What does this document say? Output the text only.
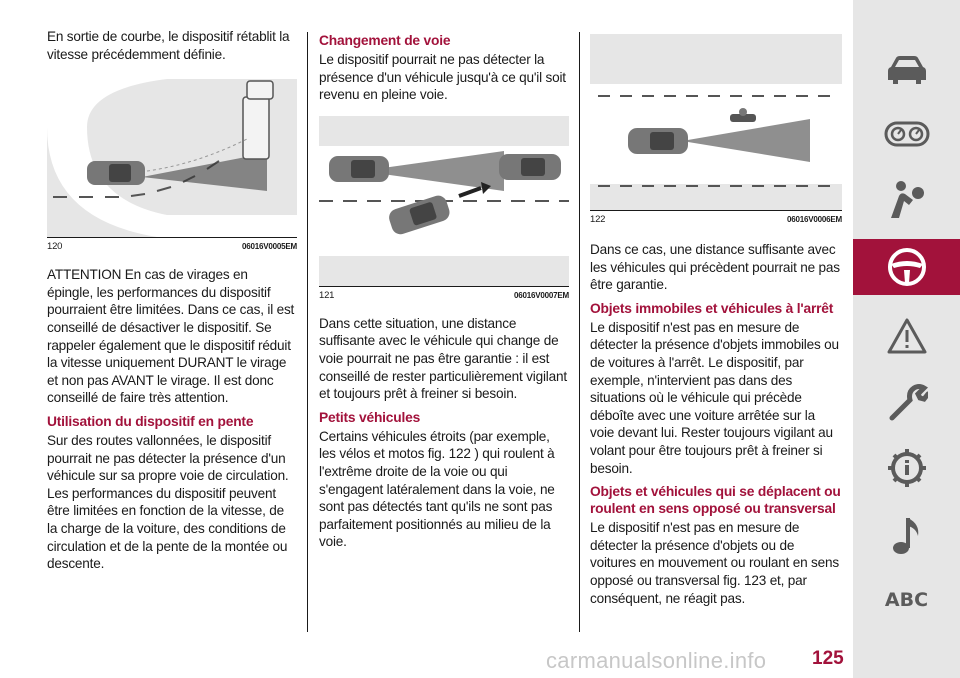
En sortie de courbe, le dispositif rétablit la vitesse précédemment définie.

120	06016V0005EM

ATTENTION En cas de virages en épingle, les performances du dispositif pourraient être limitées. Dans ce cas, il est conseillé de désactiver le dispositif. Se rappeler également que le dispositif réduit la vitesse uniquement DURANT le virage et non pas AVANT le virage. Il est donc conseillé de faire très attention.

Utilisation du dispositif en pente

Sur des routes vallonnées, le dispositif pourrait ne pas détecter la présence d'un véhicule sur sa propre voie de circulation. Les performances du dispositif peuvent être limitées en fonction de la vitesse, de la charge de la voiture, des conditions de circulation et de la pente de la montée ou descente.

Changement de voie

Le dispositif pourrait ne pas détecter la présence d'un véhicule jusqu'à ce qu'il soit revenu en pleine voie.

121	06016V0007EM

Dans cette situation, une distance suffisante avec le véhicule qui change de voie pourrait ne pas être garantie : il est conseillé de rester particulièrement vigilant et toujours prêt à freiner si besoin.

Petits véhicules

Certains véhicules étroits (par exemple, les vélos et motos fig. 122 ) qui roulent à l'extrême droite de la voie ou qui s'engagent latéralement dans la voie, ne sont pas détectés tant qu'ils ne sont pas parfaitement positionnés au milieu de la voie.

122	06016V0006EM

Dans ce cas, une distance suffisante avec les véhicules qui précèdent pourrait ne pas être garantie.

Objets immobiles et véhicules à l'arrêt

Le dispositif n'est pas en mesure de détecter la présence d'objets immobiles ou de voitures à l'arrêt. Le dispositif, par exemple, n'intervient pas dans des situations où le véhicule qui précède déboîte avec une voiture arrêtée sur la voie devant lui. Rester toujours vigilant au volant pour être toujours prêt à freiner si besoin.

Objets et véhicules qui se déplacent ou roulent en sens opposé ou transversal

Le dispositif n'est pas en mesure de détecter la présence d'objets ou de voitures en mouvement ou roulant en sens opposé ou transversal fig. 123 et, par conséquent, ne réagit pas.	ABC
carmanualsonline.info 125
